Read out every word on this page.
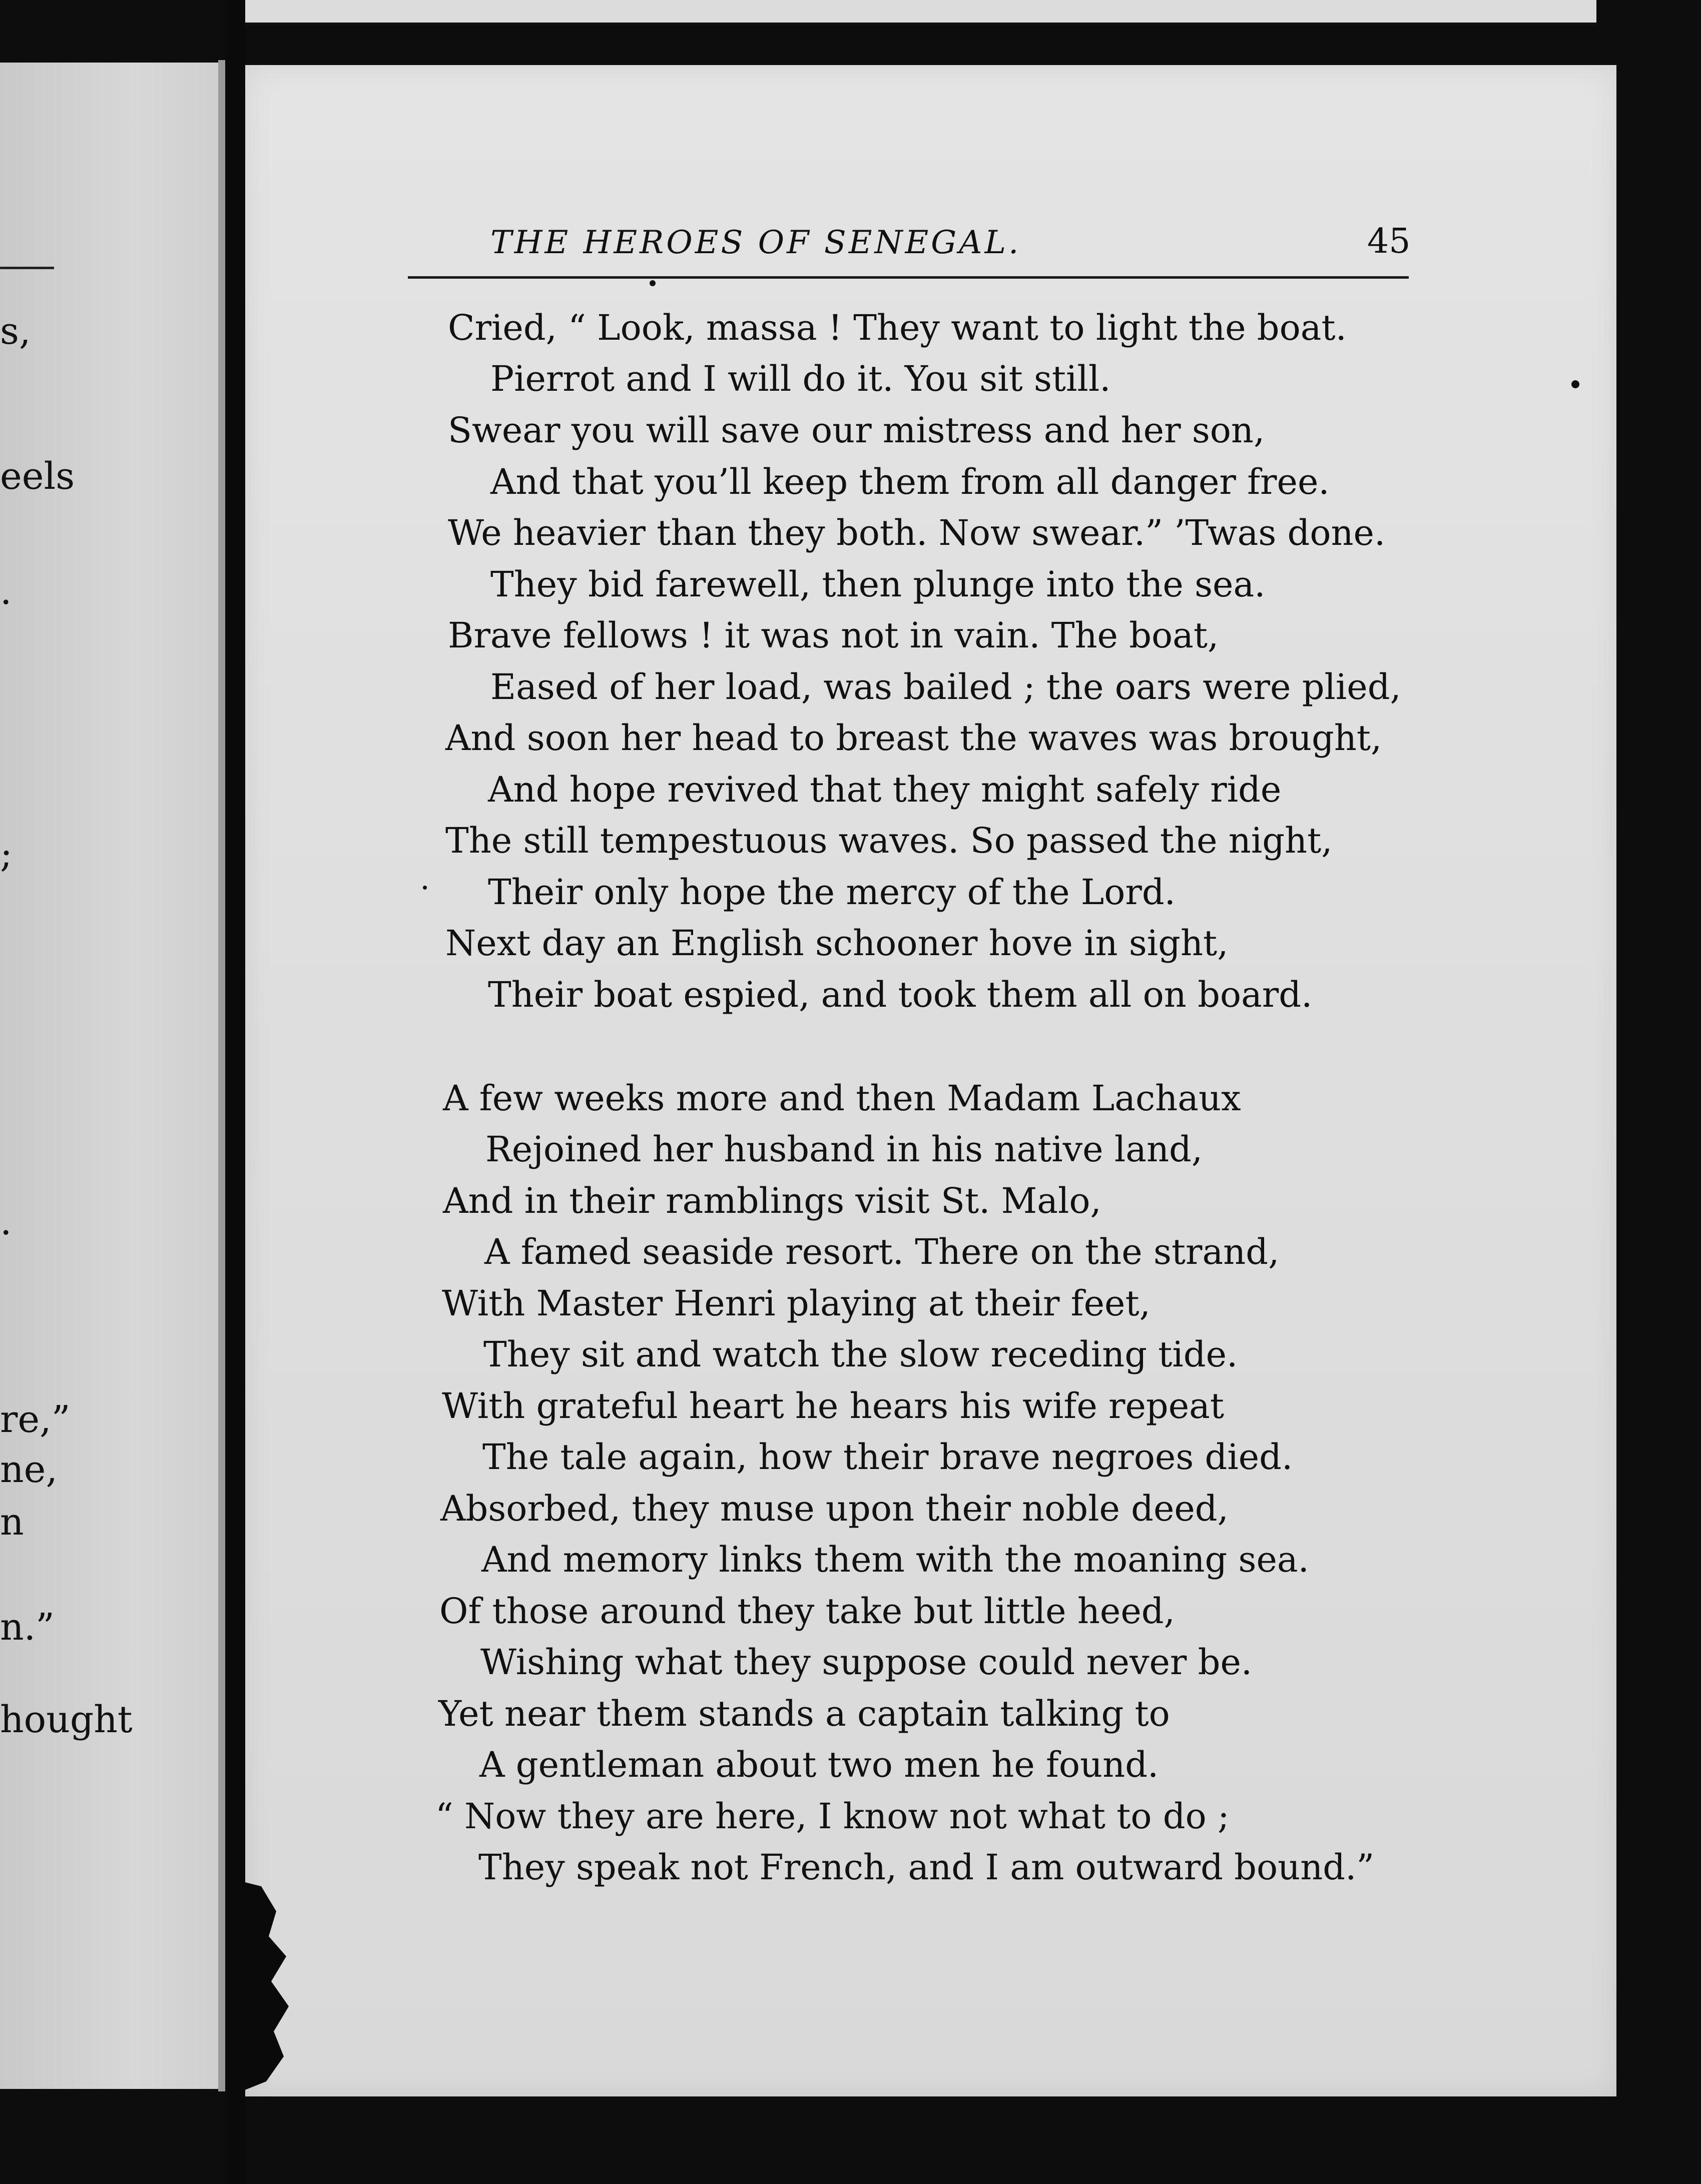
s,
eels
.
;
.
re,”
ne,
n
n.”
hought
THE HEROES OF SENEGAL.	45
Cried, “ Look, massa ! They want to light the boat.
Pierrot and I will do it. You sit still.
Swear you will save our mistress and her son,
And that you’ll keep them from all danger free.
We heavier than they both. Now swear.” ’Twas done.
They bid farewell, then plunge into the sea.
Brave fellows ! it was not in vain. The boat,
Eased of her load, was bailed ; the oars were plied,
And soon her head to breast the waves was brought,
And hope revived that they might safely ride
The still tempestuous waves. So passed the night,
Their only hope the mercy of the Lord.
Next day an English schooner hove in sight,
Their boat espied, and took them all on board.
A few weeks more and then Madam Lachaux
Rejoined her husband in his native land,
And in their ramblings visit St. Malo,
A famed seaside resort. There on the strand,
With Master Henri playing at their feet,
They sit and watch the slow receding tide.
With grateful heart he hears his wife repeat
The tale again, how their brave negroes died.
Absorbed, they muse upon their noble deed,
And memory links them with the moaning sea.
Of those around they take but little heed,
Wishing what they suppose could never be.
Yet near them stands a captain talking to
A gentleman about two men he found.
“ Now they are here, I know not what to do ;
They speak not French, and I am outward bound.”
